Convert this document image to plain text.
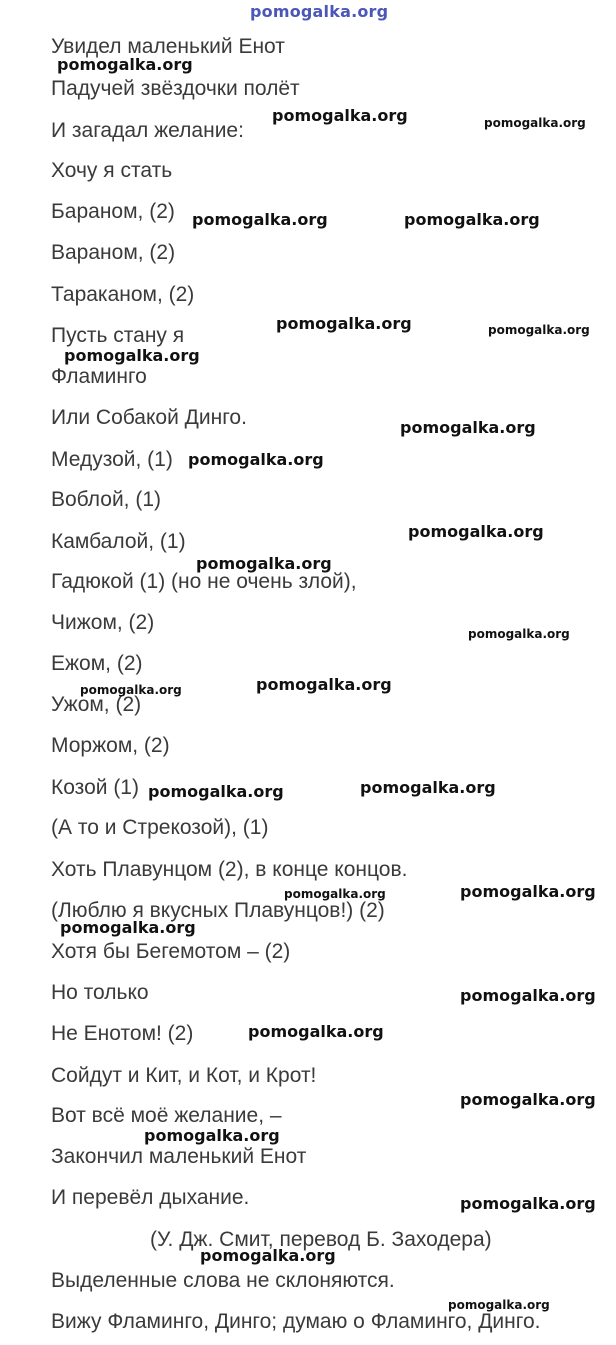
pomogalka.org

Увидел маленький Енот

Падучей звёздочки полёт

И загадал желание:

Хочу я стать

Бараном, (2)

Вараном, (2)

Тараканом, (2)

Пусть стану я

Фламинго

Или Собакой Динго.

Медузой, (1)

Воблой, (1)

Камбалой, (1)

Гадюкой (1) (но не очень злой),

Чижом, (2)

Ежом, (2)

Ужом, (2)

Моржом, (2)

Козой (1)

(А то и Стрекозой), (1)

Хоть Плавунцом (2), в конце концов.

(Люблю я вкусных Плавунцов!) (2)

Хотя бы Бегемотом – (2)

Но только

Не Енотом! (2)

Сойдут и Кит, и Кот, и Крот!

Вот всё моё желание, –

Закончил маленький Енот

И перевёл дыхание.

(У. Дж. Смит, перевод Б. Заходера)

Выделенные слова не склоняются.

Вижу Фламинго, Динго; думаю о Фламинго, Динго.

pomogalka.org
pomogalka.org	pomogalka.org
pomogalka.org	pomogalka.org
pomogalka.org	pomogalka.org
pomogalka.org
pomogalka.org
pomogalka.org
pomogalka.org
pomogalka.org
pomogalka.org
pomogalka.org
pomogalka.org
pomogalka.org	pomogalka.org
pomogalka.org	pomogalka.org
pomogalka.org
pomogalka.org
pomogalka.org
pomogalka.org
pomogalka.org
pomogalka.org
pomogalka.org
pomogalka.org
